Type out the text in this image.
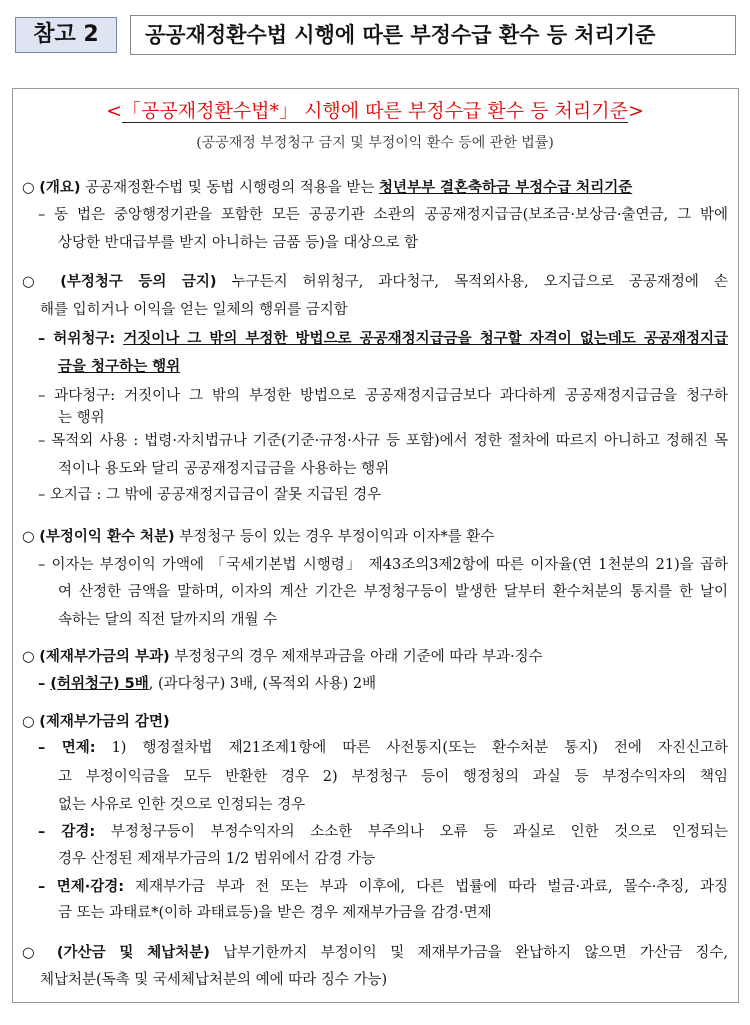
참고 2	공공재정환수법 시행에 따른 부정수급 환수 등 처리기준
<「공공재정환수법*」 시행에 따른 부정수급 환수 등 처리기준>
(공공재정 부정청구 금지 및 부정이익 환수 등에 관한 법률)
○ (개요) 공공재정환수법 및 동법 시행령의 적용을 받는 청년부부 결혼축하금 부정수급 처리기준
– 동 법은 중앙행정기관을 포함한 모든 공공기관 소관의 공공재정지급금(보조금·보상금·출연금, 그 밖에
상당한 반대급부를 받지 아니하는 금품 등)을 대상으로 함
○ (부정청구 등의 금지) 누구든지 허위청구, 과다청구, 목적외사용, 오지급으로 공공재정에 손
해를 입히거나 이익을 얻는 일체의 행위를 금지함
– 허위청구: 거짓이나 그 밖의 부정한 방법으로 공공재정지급금을 청구할 자격이 없는데도 공공재정지급
금을 청구하는 행위
– 과다청구: 거짓이나 그 밖의 부정한 방법으로 공공재정지급금보다 과다하게 공공재정지급금을 청구하
는 행위
– 목적외 사용 : 법령·자치법규나 기준(기준·규정·사규 등 포함)에서 정한 절차에 따르지 아니하고 정해진 목
적이나 용도와 달리 공공재정지급금을 사용하는 행위
– 오지급 : 그 밖에 공공재정지급금이 잘못 지급된 경우
○ (부정이익 환수 처분) 부정청구 등이 있는 경우 부정이익과 이자*를 환수
– 이자는 부정이익 가액에 「국세기본법 시행령」 제43조의3제2항에 따른 이자율(연 1천분의 21)을 곱하
여 산정한 금액을 말하며, 이자의 계산 기간은 부정청구등이 발생한 달부터 환수처분의 통지를 한 날이
속하는 달의 직전 달까지의 개월 수
○ (제재부가금의 부과) 부정청구의 경우 제재부과금을 아래 기준에 따라 부과·징수
– (허위청구) 5배, (과다청구) 3배, (목적외 사용) 2배
○ (제재부가금의 감면)
– 면제: 1) 행정절차법 제21조제1항에 따른 사전통지(또는 환수처분 통지) 전에 자진신고하
고 부정이익금을 모두 반환한 경우 2) 부정청구 등이 행정청의 과실 등 부정수익자의 책임
없는 사유로 인한 것으로 인정되는 경우
– 감경: 부정청구등이 부정수익자의 소소한 부주의나 오류 등 과실로 인한 것으로 인정되는
경우 산정된 제재부가금의 1/2 범위에서 감경 가능
– 면제·감경: 제재부가금 부과 전 또는 부과 이후에, 다른 법률에 따라 벌금·과료, 몰수·추징, 과징
금 또는 과태료*(이하 과태료등)을 받은 경우 제재부가금을 감경·면제
○ (가산금 및 체납처분) 납부기한까지 부정이익 및 제재부가금을 완납하지 않으면 가산금 징수,
체납처분(독촉 및 국세체납처분의 예에 따라 징수 가능)
